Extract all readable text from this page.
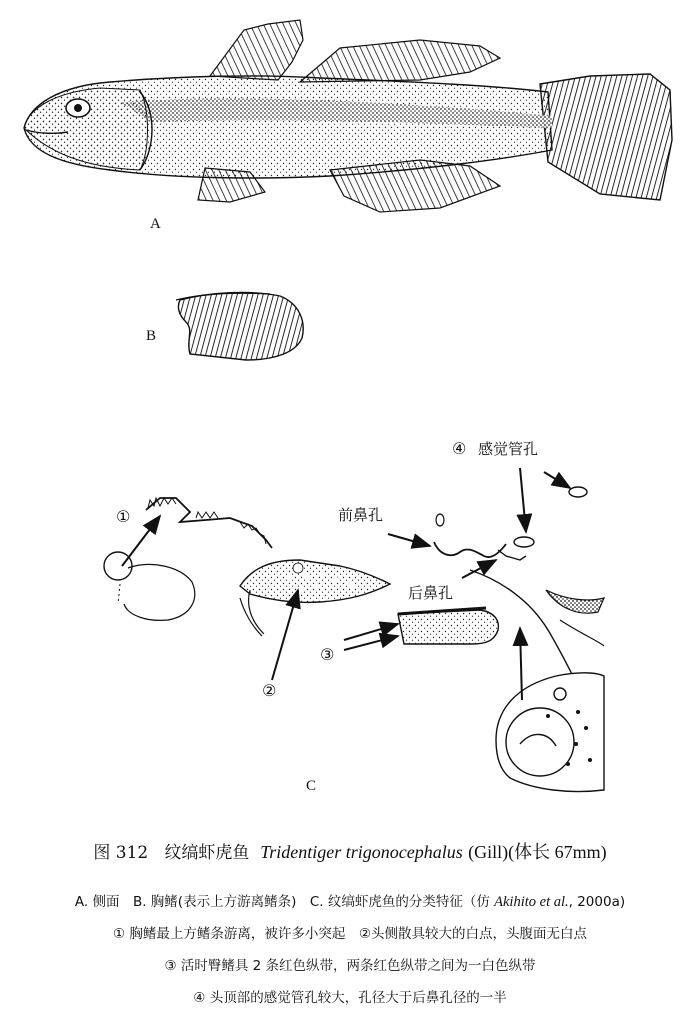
A
B
①
②
③
④ 感觉管孔
前鼻孔
后鼻孔
C
图 312 纹缟虾虎鱼 Tridentiger trigonocephalus (Gill)(体长 67mm)
A. 侧面　B. 胸鳍(表示上方游离鳍条)　C. 纹缟虾虎鱼的分类特征（仿 Akihito et al., 2000a)
① 胸鳍最上方鳍条游离，被许多小突起　②头侧散具较大的白点，头腹面无白点
③ 活时臀鳍具 2 条红色纵带，两条红色纵带之间为一白色纵带
④ 头顶部的感觉管孔较大，孔径大于后鼻孔径的一半
